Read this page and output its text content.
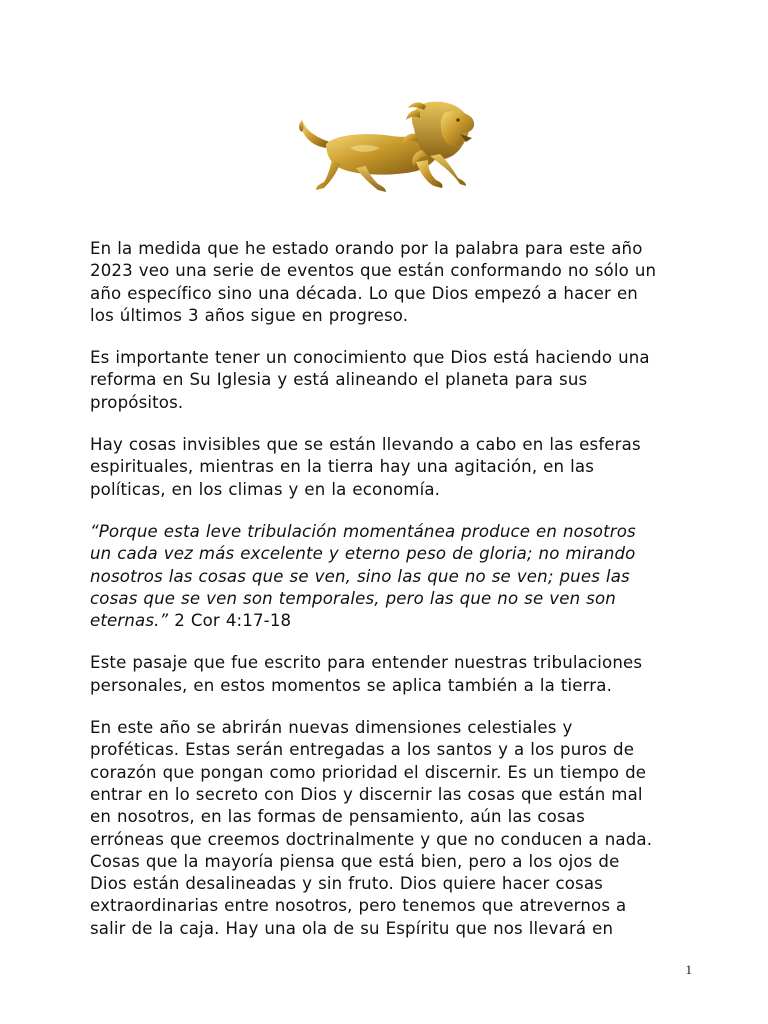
En la medida que he estado orando por la palabra para este año
2023 veo una serie de eventos que están conformando no sólo un
año específico sino una década. Lo que Dios empezó a hacer en
los últimos 3 años sigue en progreso.

Es importante tener un conocimiento que Dios está haciendo una
reforma en Su Iglesia y está alineando el planeta para sus
propósitos.

Hay cosas invisibles que se están llevando a cabo en las esferas
espirituales, mientras en la tierra hay una agitación, en las
políticas, en los climas y en la economía.

“Porque esta leve tribulación momentánea produce en nosotros
un cada vez más excelente y eterno peso de gloria; no mirando
nosotros las cosas que se ven, sino las que no se ven; pues las
cosas que se ven son temporales, pero las que no se ven son
eternas.” 2 Cor 4:17-18

Este pasaje que fue escrito para entender nuestras tribulaciones
personales, en estos momentos se aplica también a la tierra.

En este año se abrirán nuevas dimensiones celestiales y
proféticas. Estas serán entregadas a los santos y a los puros de
corazón que pongan como prioridad el discernir. Es un tiempo de
entrar en lo secreto con Dios y discernir las cosas que están mal
en nosotros, en las formas de pensamiento, aún las cosas
erróneas que creemos doctrinalmente y que no conducen a nada.
Cosas que la mayoría piensa que está bien, pero a los ojos de
Dios están desalineadas y sin fruto. Dios quiere hacer cosas
extraordinarias entre nosotros, pero tenemos que atrevernos a
salir de la caja. Hay una ola de su Espíritu que nos llevará en

1
